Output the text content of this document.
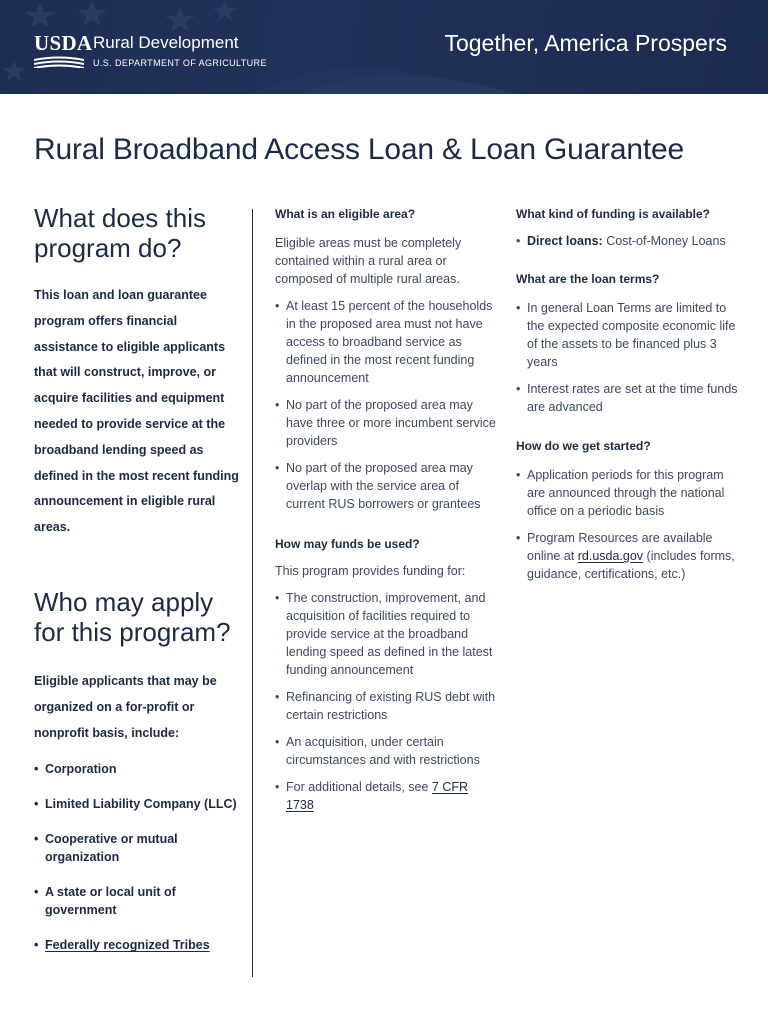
USDA Rural Development
U.S. DEPARTMENT OF AGRICULTURE
Together, America Prospers
Rural Broadband Access Loan & Loan Guarantee
What does this program do?

This loan and loan guarantee program offers financial assistance to eligible applicants that will construct, improve, or acquire facilities and equipment needed to provide service at the broadband lending speed as defined in the most recent funding announcement in eligible rural areas.

Who may apply for this program?

Eligible applicants that may be organized on a for-profit or nonprofit basis, include:

• Corporation
• Limited Liability Company (LLC)
• Cooperative or mutual organization
• A state or local unit of government
• Federally recognized Tribes
What is an eligible area?

Eligible areas must be completely contained within a rural area or composed of multiple rural areas.

• At least 15 percent of the households in the proposed area must not have access to broadband service as defined in the most recent funding announcement
• No part of the proposed area may have three or more incumbent service providers
• No part of the proposed area may overlap with the service area of current RUS borrowers or grantees
How may funds be used?

This program provides funding for:

• The construction, improvement, and acquisition of facilities required to provide service at the broadband lending speed as defined in the latest funding announcement
• Refinancing of existing RUS debt with certain restrictions
• An acquisition, under certain circumstances and with restrictions
• For additional details, see 7 CFR 1738
What kind of funding is available?
• Direct loans: Cost-of-Money Loans
What are the loan terms?
• In general Loan Terms are limited to the expected composite economic life of the assets to be financed plus 3 years
• Interest rates are set at the time funds are advanced
How do we get started?
• Application periods for this program are announced through the national office on a periodic basis
• Program Resources are available online at rd.usda.gov (includes forms, guidance, certifications, etc.)
